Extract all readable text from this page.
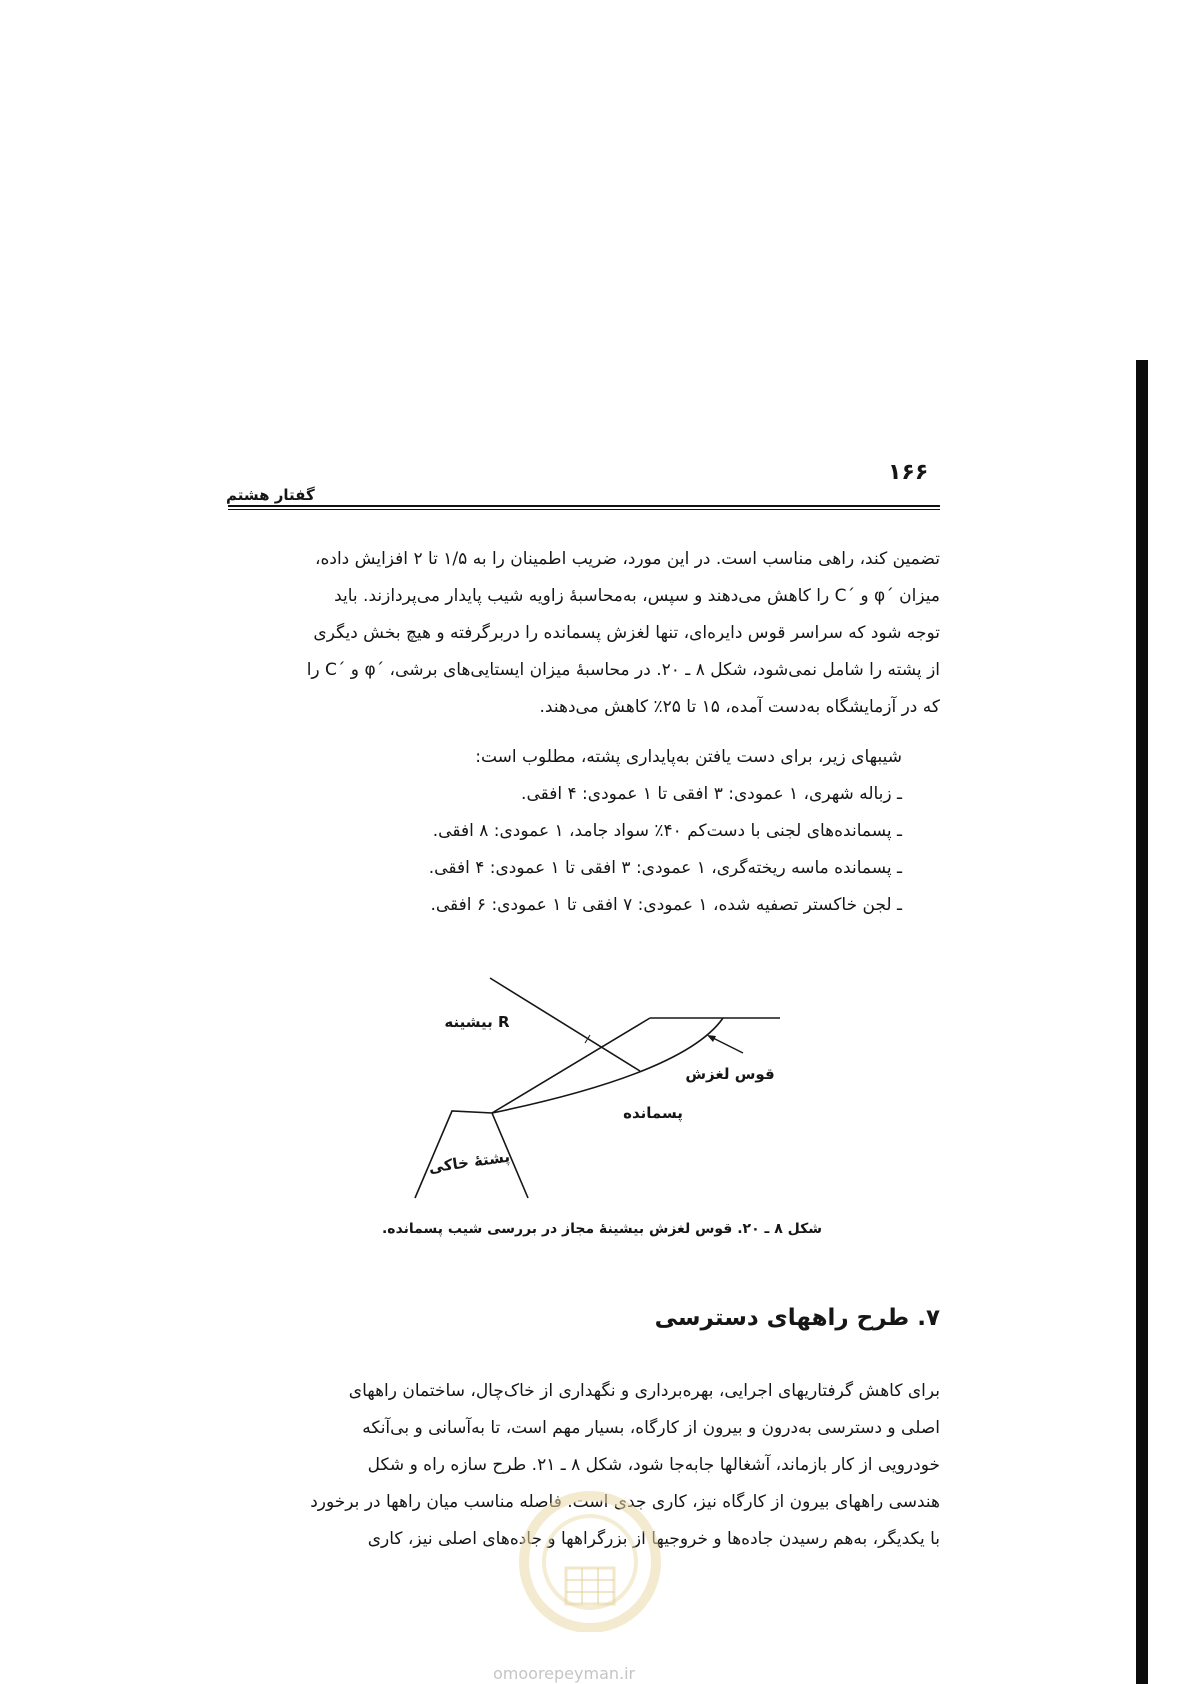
۱۶۶
گفتار هشتم
تضمین کند، راهی مناسب است. در این مورد، ضریب اطمینان را به ۱/۵ تا ۲ افزایش داده،
میزان ´φ و ´C را کاهش می‌دهند و سپس، به‌محاسبهٔ زاویه شیب پایدار می‌پردازند. باید
توجه شود که سراسر قوس دایره‌ای، تنها لغزش پسمانده را دربرگرفته و هیچ بخش دیگری
از پشته را شامل نمی‌شود، شکل ۸ ـ ۲۰. در محاسبهٔ میزان ایستایی‌های برشی، ´φ و ´C را
که در آزمایشگاه به‌دست آمده، ۱۵ تا ۲۵٪ کاهش می‌دهند.

شیبهای زیر، برای دست یافتن به‌پایداری پشته، مطلوب است:

ـ زباله شهری، ۱ عمودی: ۳ افقی تا ۱ عمودی: ۴ افقی.

ـ پسمانده‌های لجنی با دست‌کم ۴۰٪ سواد جامد، ۱ عمودی: ۸ افقی.

ـ پسمانده ماسه ریخته‌گری، ۱ عمودی: ۳ افقی تا ۱ عمودی: ۴ افقی.

ـ لجن خاکستر تصفیه شده، ۱ عمودی: ۷ افقی تا ۱ عمودی: ۶ افقی.

R بیشینه
قوس لغزش
پسمانده
پشتهٔ خاکی
شکل ۸ ـ ۲۰. قوس لغزش بیشینهٔ مجاز در بررسی شیب پسمانده.
۷. طرح راههای دسترسی
برای کاهش گرفتاریهای اجرایی، بهره‌برداری و نگهداری از خاک‌چال، ساختمان راههای
اصلی و دسترسی به‌درون و بیرون از کارگاه، بسیار مهم است، تا به‌آسانی و بی‌آنکه
خودرویی از کار بازماند، آشغالها جابه‌جا شود، شکل ۸ ـ ۲۱. طرح سازه راه و شکل
هندسی راههای بیرون از کارگاه نیز، کاری جدی است. فاصله مناسب میان راهها در برخورد
با یکدیگر، به‌هم رسیدن جاده‌ها و خروجیها از بزرگراهها و جاده‌های اصلی نیز، کاری
omoorepeyman.ir
